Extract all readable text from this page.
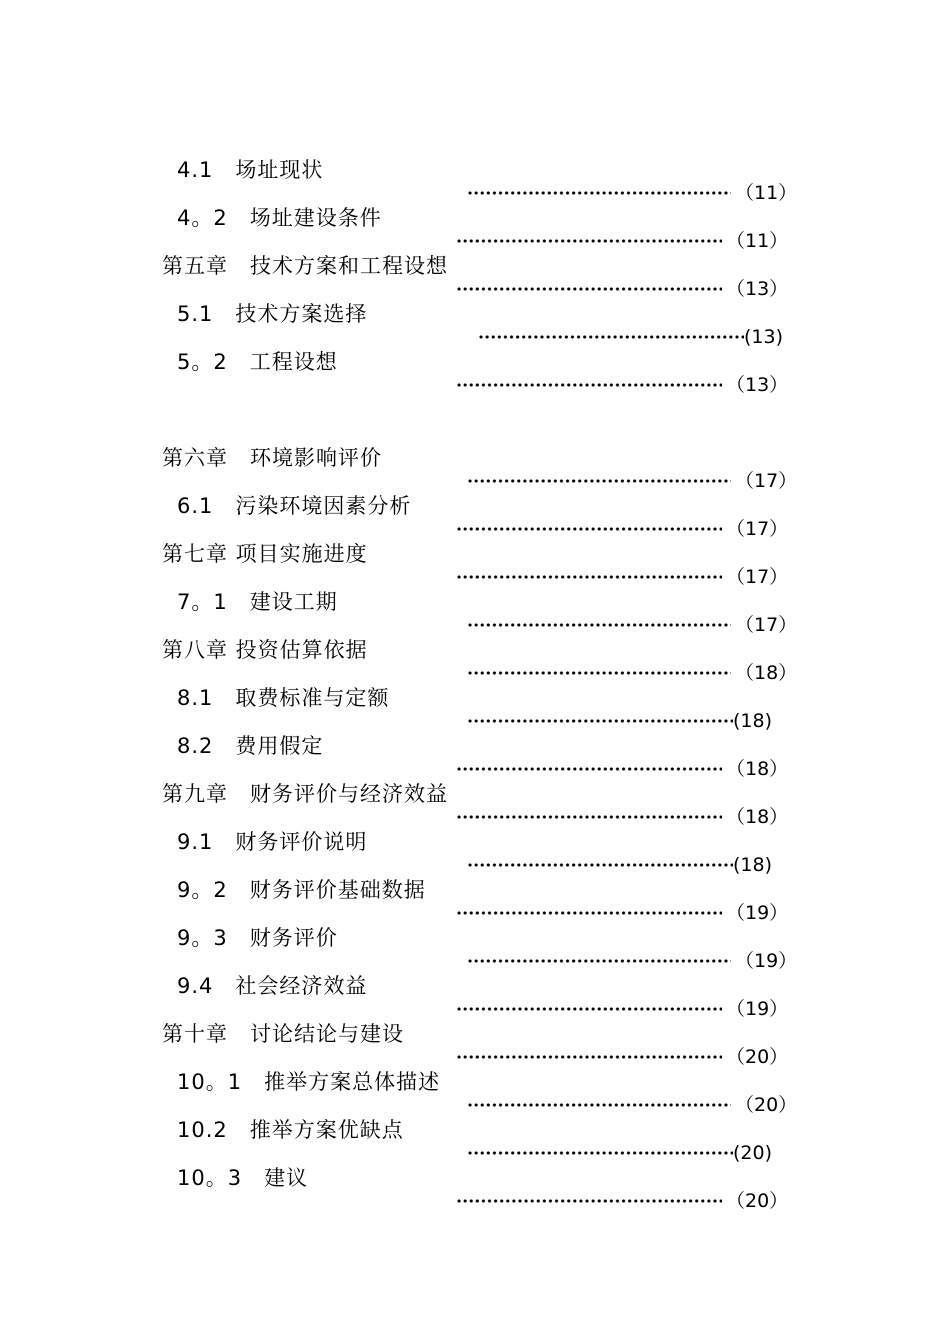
4.1　场址现状
（11）
4。2　场址建设条件
（11）
第五章　技术方案和工程设想
（13）
5.1　技术方案选择
(13)
5。2　工程设想
（13）
第六章　环境影响评价
（17）
6.1　污染环境因素分析
（17）
第七章 项目实施进度
（17）
7。1　建设工期
（17）
第八章 投资估算依据
（18）
8.1　取费标准与定额
(18)
8.2　费用假定
（18）
第九章　财务评价与经济效益
（18）
9.1　财务评价说明
(18)
9。2　财务评价基础数据
（19）
9。3　财务评价
（19）
9.4　社会经济效益
（19）
第十章　讨论结论与建设
（20）
10。1　推举方案总体描述
（20）
10.2　推举方案优缺点
(20)
10。3　建议
（20）
